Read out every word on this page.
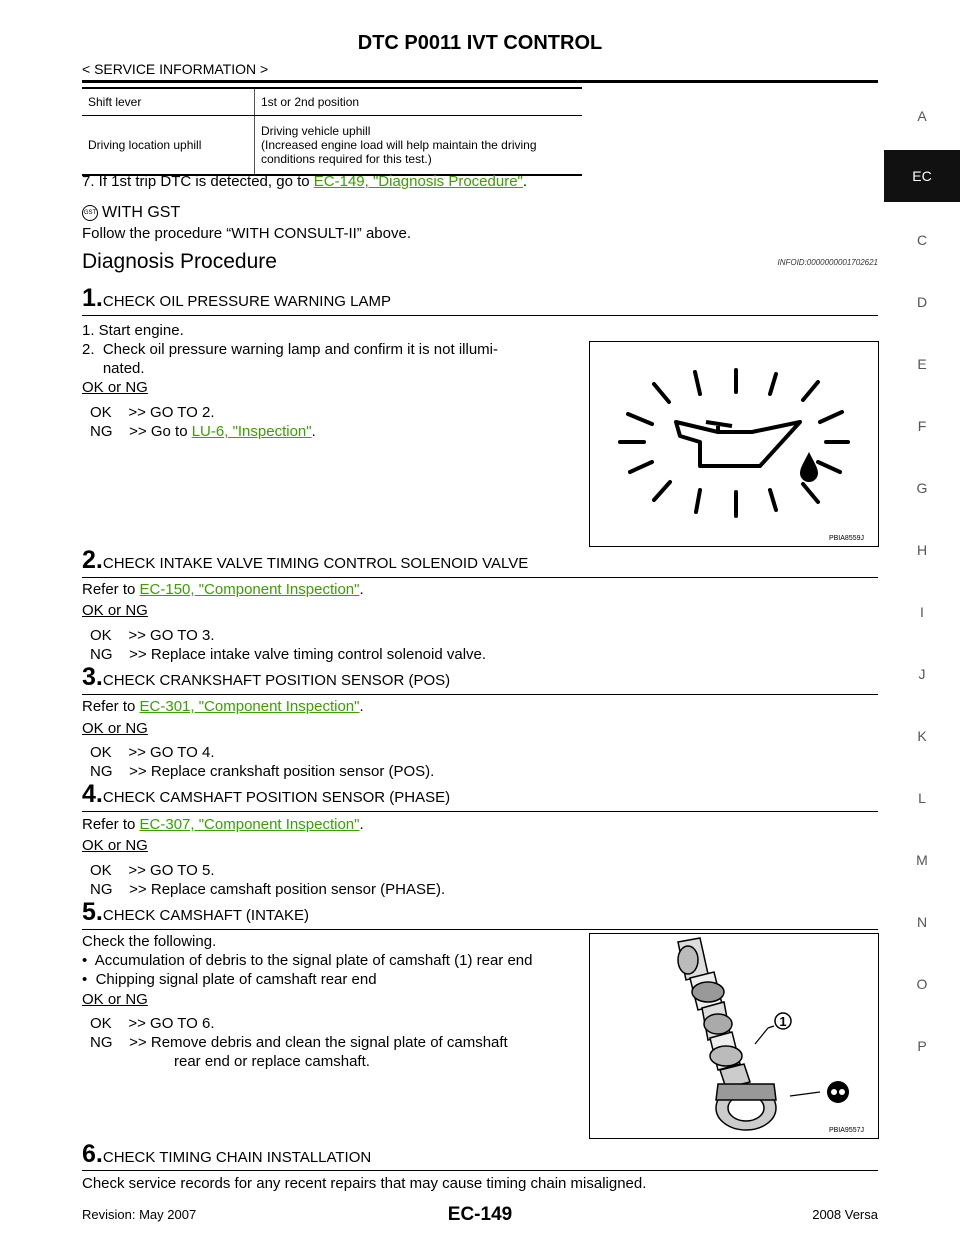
DTC P0011 IVT CONTROL
< SERVICE INFORMATION >
A
EC
C
D
E
F
G
H
I
J
K
L
M
N
O
P
Shift lever	1st or 2nd position
Driving location uphill	Driving vehicle uphill
(Increased engine load will help maintain the driving
conditions required for this test.)
7. If 1st trip DTC is detected, go to EC-149, "Diagnosis Procedure".
GST WITH GST
Follow the procedure “WITH CONSULT-II” above.
Diagnosis Procedure	INFOID:0000000001702621
1.CHECK OIL PRESSURE WARNING LAMP
1. Start engine.
2.  Check oil pressure warning lamp and confirm it is not illumi-
nated.
OK or NG
OK    >> GO TO 2.
NG    >> Go to LU-6, "Inspection".
PBIA8559J
2.CHECK INTAKE VALVE TIMING CONTROL SOLENOID VALVE
Refer to EC-150, "Component Inspection".
OK or NG
OK    >> GO TO 3.
NG    >> Replace intake valve timing control solenoid valve.
3.CHECK CRANKSHAFT POSITION SENSOR (POS)
Refer to EC-301, "Component Inspection".
OK or NG
OK    >> GO TO 4.
NG    >> Replace crankshaft position sensor (POS).
4.CHECK CAMSHAFT POSITION SENSOR (PHASE)
Refer to EC-307, "Component Inspection".
OK or NG
OK    >> GO TO 5.
NG    >> Replace camshaft position sensor (PHASE).
5.CHECK CAMSHAFT (INTAKE)
Check the following.
•  Accumulation of debris to the signal plate of camshaft (1) rear end
•  Chipping signal plate of camshaft rear end
OK or NG
OK    >> GO TO 6.
NG    >> Remove debris and clean the signal plate of camshaft
rear end or replace camshaft.
1
PBIA9557J
6.CHECK TIMING CHAIN INSTALLATION
Check service records for any recent repairs that may cause timing chain misaligned.
Revision: May 2007	EC-149	2008 Versa
